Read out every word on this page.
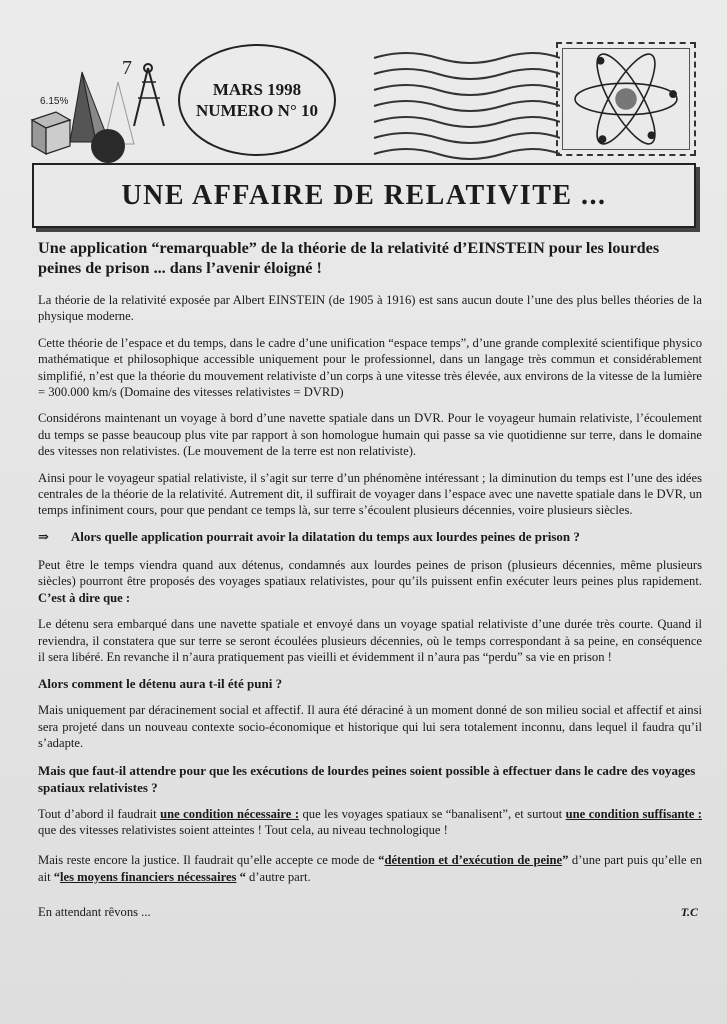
6.15%
7
MARS 1998
NUMERO N° 10
UNE AFFAIRE DE RELATIVITE ...
Une application “remarquable” de la théorie de la relativité d’EINSTEIN pour les lourdes peines de prison ... dans l’avenir éloigné !

La théorie de la relativité exposée par Albert EINSTEIN (de 1905 à 1916) est sans aucun doute l’une des plus belles théories de la physique moderne.

Cette théorie de l’espace et du temps, dans le cadre d’une unification “espace temps”, d’une grande complexité scientifique physico mathématique et philosophique accessible uniquement pour le professionnel, dans un langage très commun et considérablement simplifié, n’est que la théorie du mouvement relativiste d’un corps à une vitesse très élevée, aux environs de la vitesse de la lumière = 300.000 km/s (Domaine des vitesses relativistes = DVRD)

Considérons maintenant un voyage à bord d’une navette spatiale dans un DVR. Pour le voyageur humain relativiste, l’écoulement du temps se passe beaucoup plus vite par rapport à son homologue humain qui passe sa vie quotidienne sur terre, dans le domaine des vitesses non relativistes. (Le mouvement de la terre est non relativiste).

Ainsi pour le voyageur spatial relativiste, il s’agit sur terre d’un phénomène intéressant ; la diminution du temps est l’une des idées centrales de la théorie de la relativité. Autrement dit, il suffirait de voyager dans l’espace avec une navette spatiale dans le DVR, un temps infiniment cours, pour que pendant ce temps là, sur terre s’écoulent plusieurs décennies, voire plusieurs siècles.

⇒ Alors quelle application pourrait avoir la dilatation du temps aux lourdes peines de prison ?

Peut être le temps viendra quand aux détenus, condamnés aux lourdes peines de prison (plusieurs décennies, même plusieurs siècles) pourront être proposés des voyages spatiaux relativistes, pour qu’ils puissent enfin exécuter leurs peines plus rapidement. C’est à dire que :

Le détenu sera embarqué dans une navette spatiale et envoyé dans un voyage spatial relativiste d’une durée très courte. Quand il reviendra, il constatera que sur terre se seront écoulées plusieurs décennies, où le temps correspondant à sa peine, en conséquence il sera libéré. En revanche il n’aura pratiquement pas vieilli et évidemment il n’aura pas “perdu” sa vie en prison !

Alors comment le détenu aura t-il été puni ?

Mais uniquement par déracinement social et affectif. Il aura été déraciné à un moment donné de son milieu social et affectif et ainsi sera projeté dans un nouveau contexte socio-économique et historique qui lui sera totalement inconnu, dans lequel il faudra qu’il s’adapte.

Mais que faut-il attendre pour que les exécutions de lourdes peines soient possible à effectuer dans le cadre des voyages spatiaux relativistes ?

Tout d’abord il faudrait une condition nécessaire : que les voyages spatiaux se “banalisent”, et surtout une condition suffisante : que des vitesses relativistes soient atteintes ! Tout cela, au niveau technologique !

Mais reste encore la justice. Il faudrait qu’elle accepte ce mode de “détention et d’exécution de peine” d’une part puis qu’elle en ait “les moyens financiers nécessaires “ d’autre part.

En attendant rêvons ...	T.C
